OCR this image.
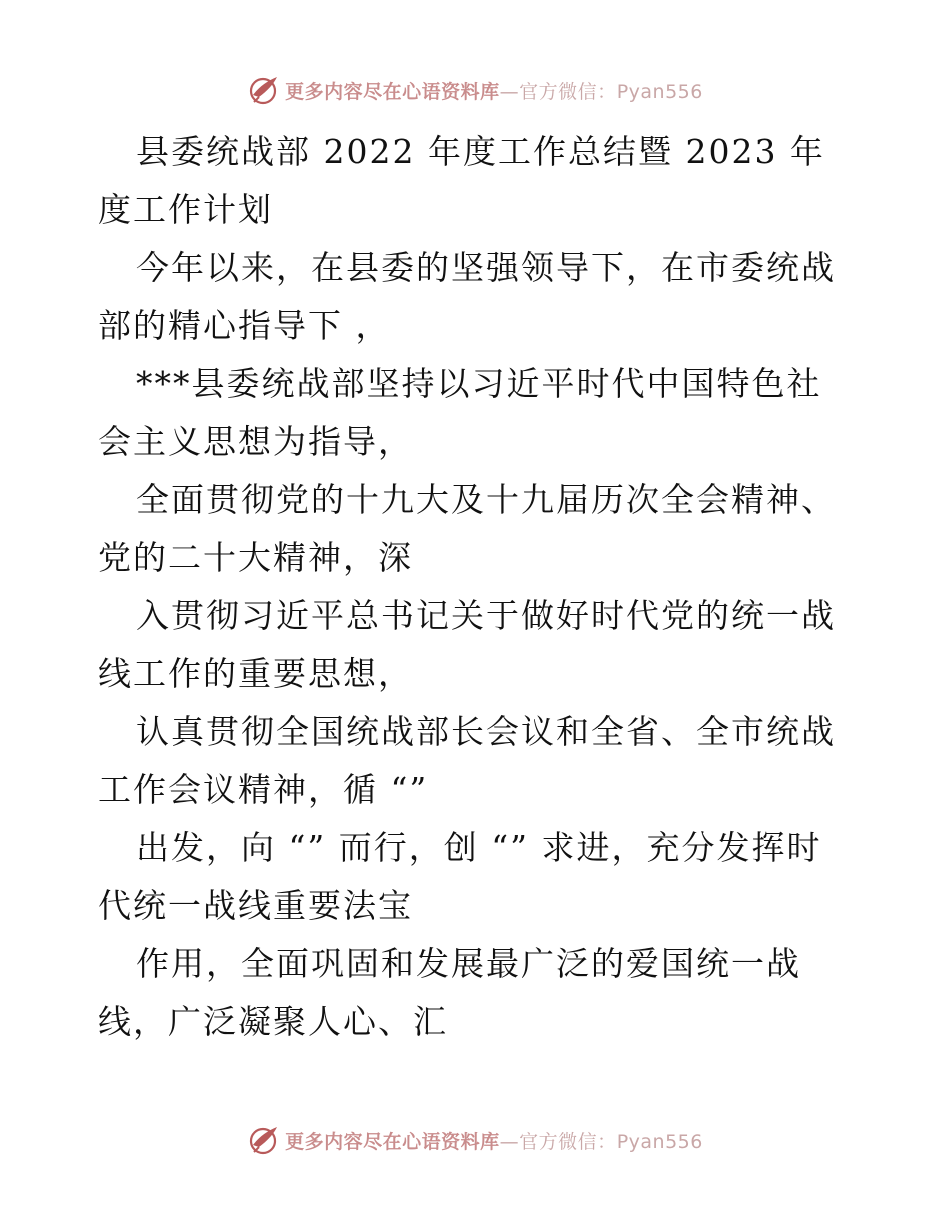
更多内容尽在心语资料库—官方微信：Pyan556

县委统战部 2022 年度工作总结暨 2023 年度工作计划

今年以来，在县委的坚强领导下，在市委统战部的精心指导下 ，

***县委统战部坚持以习近平时代中国特色社会主义思想为指导，

全面贯彻党的十九大及十九届历次全会精神、党的二十大精神，深

入贯彻习近平总书记关于做好时代党的统一战线工作的重要思想，

认真贯彻全国统战部长会议和全省、全市统战工作会议精神，循 “”

出发，向 “” 而行，创 “” 求进，充分发挥时代统一战线重要法宝

作用，全面巩固和发展最广泛的爱国统一战线，广泛凝聚人心、汇

更多内容尽在心语资料库—官方微信：Pyan556
